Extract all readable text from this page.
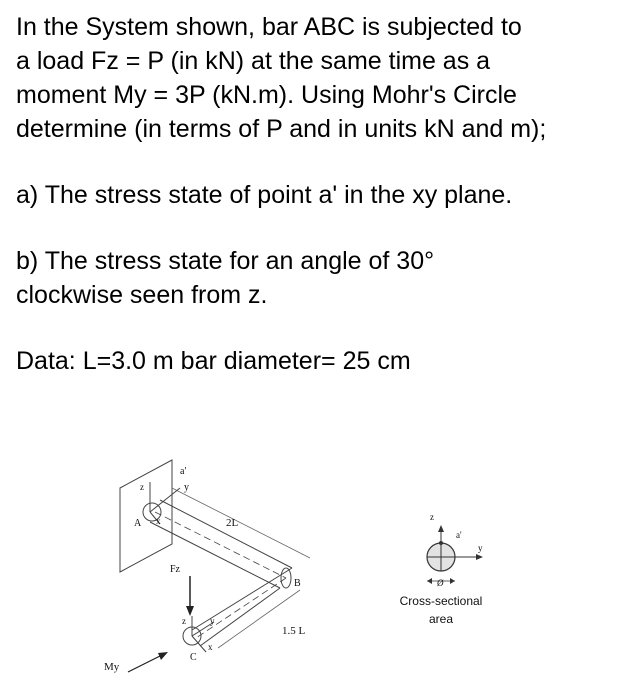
In the System shown, bar ABC is subjected to

a load Fz = P (in kN) at the same time as a

moment My = 3P (kN.m). Using Mohr's Circle

determine (in terms of P and in units kN and m);

a) The stress state of point a' in the xy plane.

b) The stress state for an angle of 30°

clockwise seen from z.

Data: L=3.0 m bar diameter= 25 cm

a'
y
z
x
A	2L
Fz
B
z	y
x
C
1.5 L
My
z
a'
y
Ø
Cross-sectional
area
